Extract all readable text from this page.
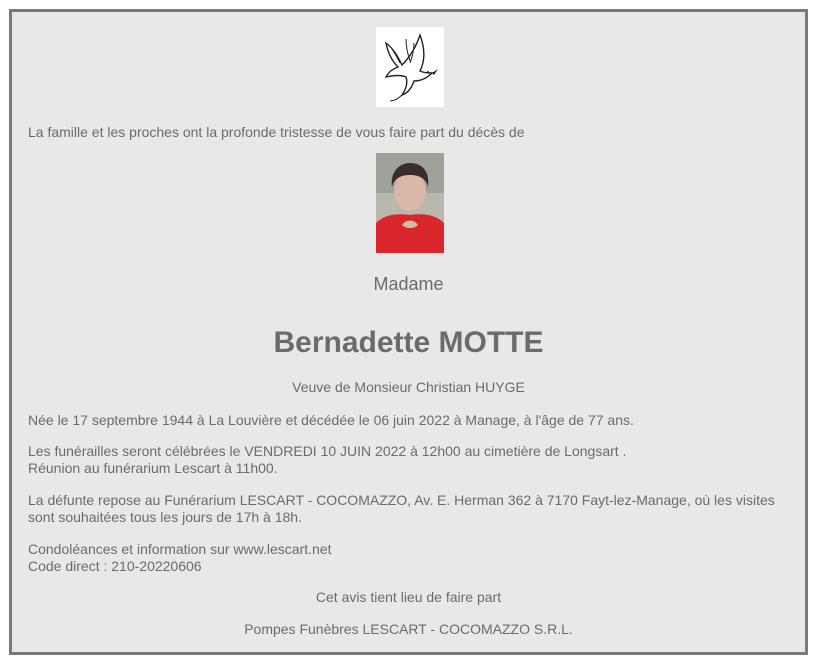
La famille et les proches ont la profonde tristesse de vous faire part du décès de
Madame
Bernadette MOTTE
Veuve de Monsieur Christian HUYGE
Née le 17 septembre 1944 à La Louvière et décédée le 06 juin 2022 à Manage, à l'âge de 77 ans.
Les funérailles seront célébrées le VENDREDI 10 JUIN 2022 à 12h00 au cimetière de Longsart .
Réunion au funérarium Lescart à 11h00.
La défunte repose au Funérarium LESCART - COCOMAZZO, Av. E. Herman 362 à 7170 Fayt-lez-Manage, où les visites sont souhaitées tous les jours de 17h à 18h.
Condoléances et information sur www.lescart.net
Code direct : 210-20220606
Cet avis tient lieu de faire part
Pompes Funèbres LESCART - COCOMAZZO S.R.L.
